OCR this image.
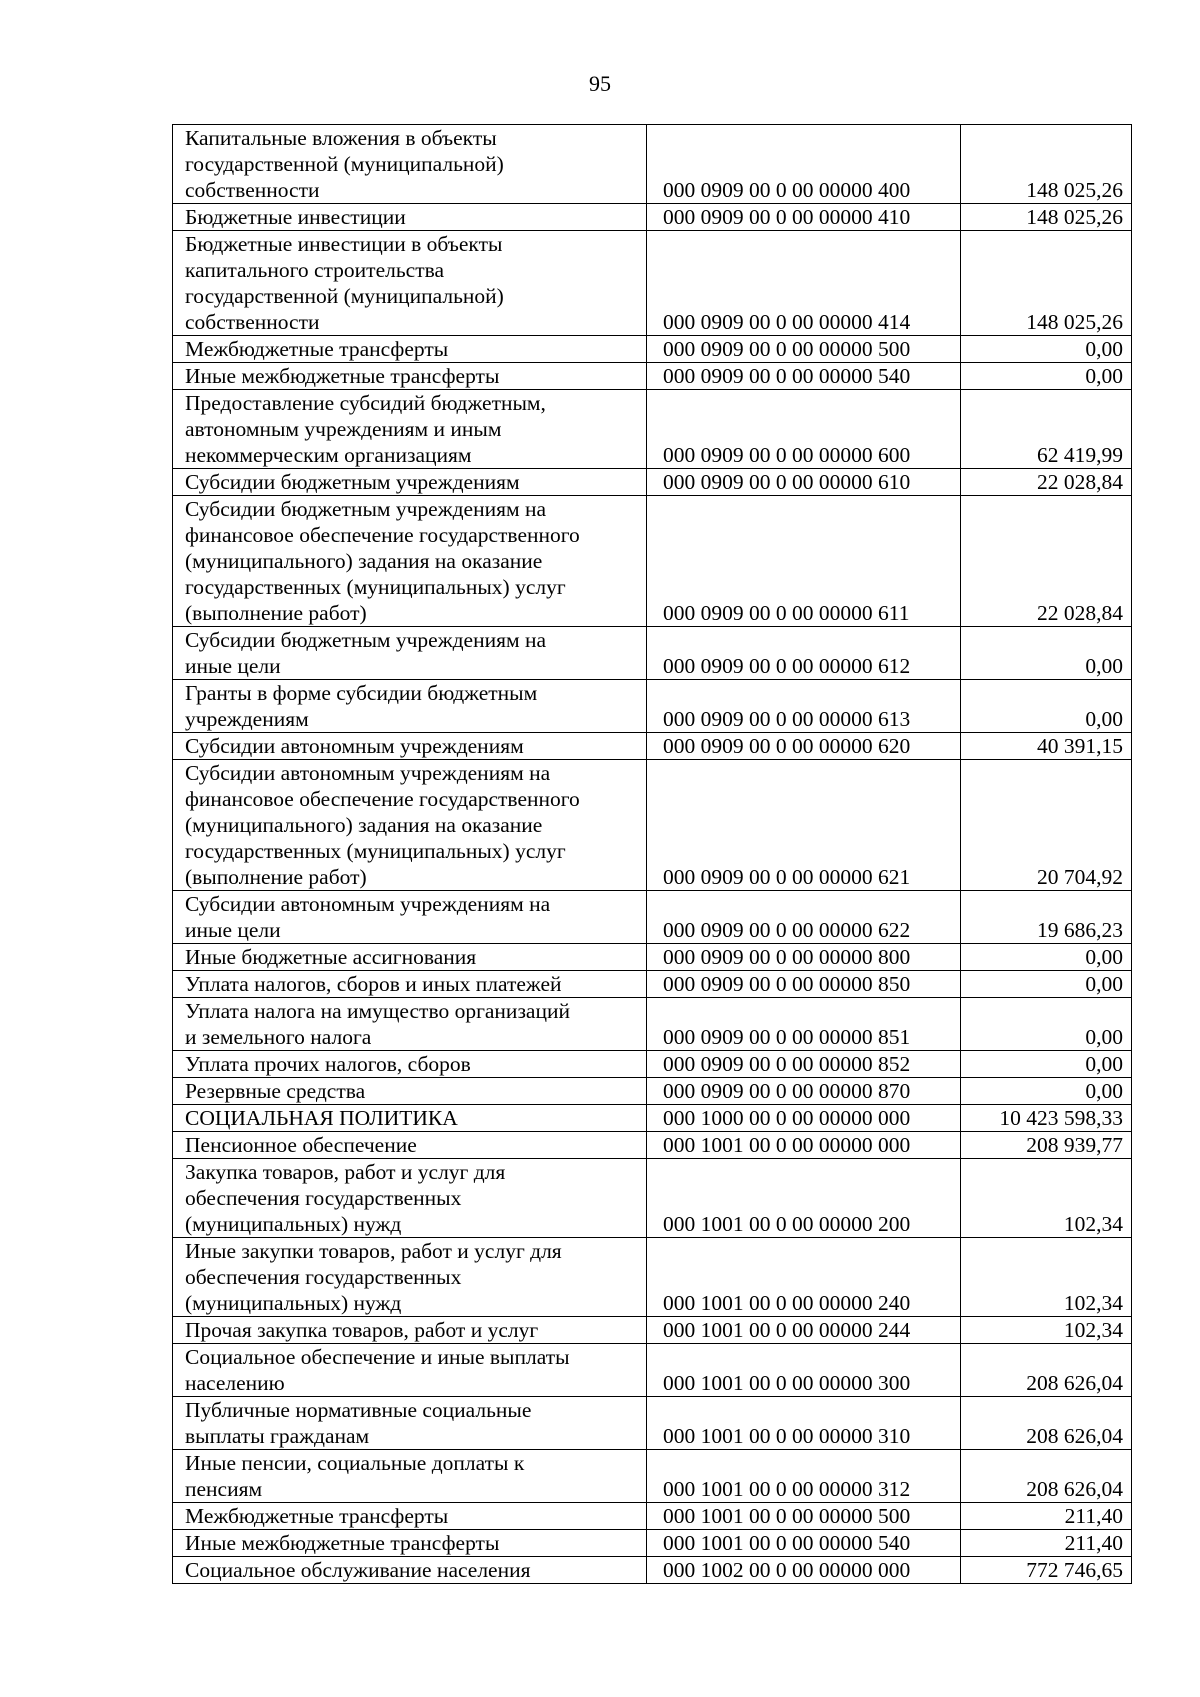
95
Капитальные вложения в объекты
государственной (муниципальной)
собственности	000 0909 00 0 00 00000 400	148 025,26
Бюджетные инвестиции	000 0909 00 0 00 00000 410	148 025,26
Бюджетные инвестиции в объекты
капитального строительства
государственной (муниципальной)
собственности	000 0909 00 0 00 00000 414	148 025,26
Межбюджетные трансферты	000 0909 00 0 00 00000 500	0,00
Иные межбюджетные трансферты	000 0909 00 0 00 00000 540	0,00
Предоставление субсидий бюджетным,
автономным учреждениям и иным
некоммерческим организациям	000 0909 00 0 00 00000 600	62 419,99
Субсидии бюджетным учреждениям	000 0909 00 0 00 00000 610	22 028,84
Субсидии бюджетным учреждениям на
финансовое обеспечение государственного
(муниципального) задания на оказание
государственных (муниципальных) услуг
(выполнение работ)	000 0909 00 0 00 00000 611	22 028,84
Субсидии бюджетным учреждениям на
иные цели	000 0909 00 0 00 00000 612	0,00
Гранты в форме субсидии бюджетным
учреждениям	000 0909 00 0 00 00000 613	0,00
Субсидии автономным учреждениям	000 0909 00 0 00 00000 620	40 391,15
Субсидии автономным учреждениям на
финансовое обеспечение государственного
(муниципального) задания на оказание
государственных (муниципальных) услуг
(выполнение работ)	000 0909 00 0 00 00000 621	20 704,92
Субсидии автономным учреждениям на
иные цели	000 0909 00 0 00 00000 622	19 686,23
Иные бюджетные ассигнования	000 0909 00 0 00 00000 800	0,00
Уплата налогов, сборов и иных платежей	000 0909 00 0 00 00000 850	0,00
Уплата налога на имущество организаций
и земельного налога	000 0909 00 0 00 00000 851	0,00
Уплата прочих налогов, сборов	000 0909 00 0 00 00000 852	0,00
Резервные средства	000 0909 00 0 00 00000 870	0,00
СОЦИАЛЬНАЯ ПОЛИТИКА	000 1000 00 0 00 00000 000	10 423 598,33
Пенсионное обеспечение	000 1001 00 0 00 00000 000	208 939,77
Закупка товаров, работ и услуг для
обеспечения государственных
(муниципальных) нужд	000 1001 00 0 00 00000 200	102,34
Иные закупки товаров, работ и услуг для
обеспечения государственных
(муниципальных) нужд	000 1001 00 0 00 00000 240	102,34
Прочая закупка товаров, работ и услуг	000 1001 00 0 00 00000 244	102,34
Социальное обеспечение и иные выплаты
населению	000 1001 00 0 00 00000 300	208 626,04
Публичные нормативные социальные
выплаты гражданам	000 1001 00 0 00 00000 310	208 626,04
Иные пенсии, социальные доплаты к
пенсиям	000 1001 00 0 00 00000 312	208 626,04
Межбюджетные трансферты	000 1001 00 0 00 00000 500	211,40
Иные межбюджетные трансферты	000 1001 00 0 00 00000 540	211,40
Социальное обслуживание населения	000 1002 00 0 00 00000 000	772 746,65
